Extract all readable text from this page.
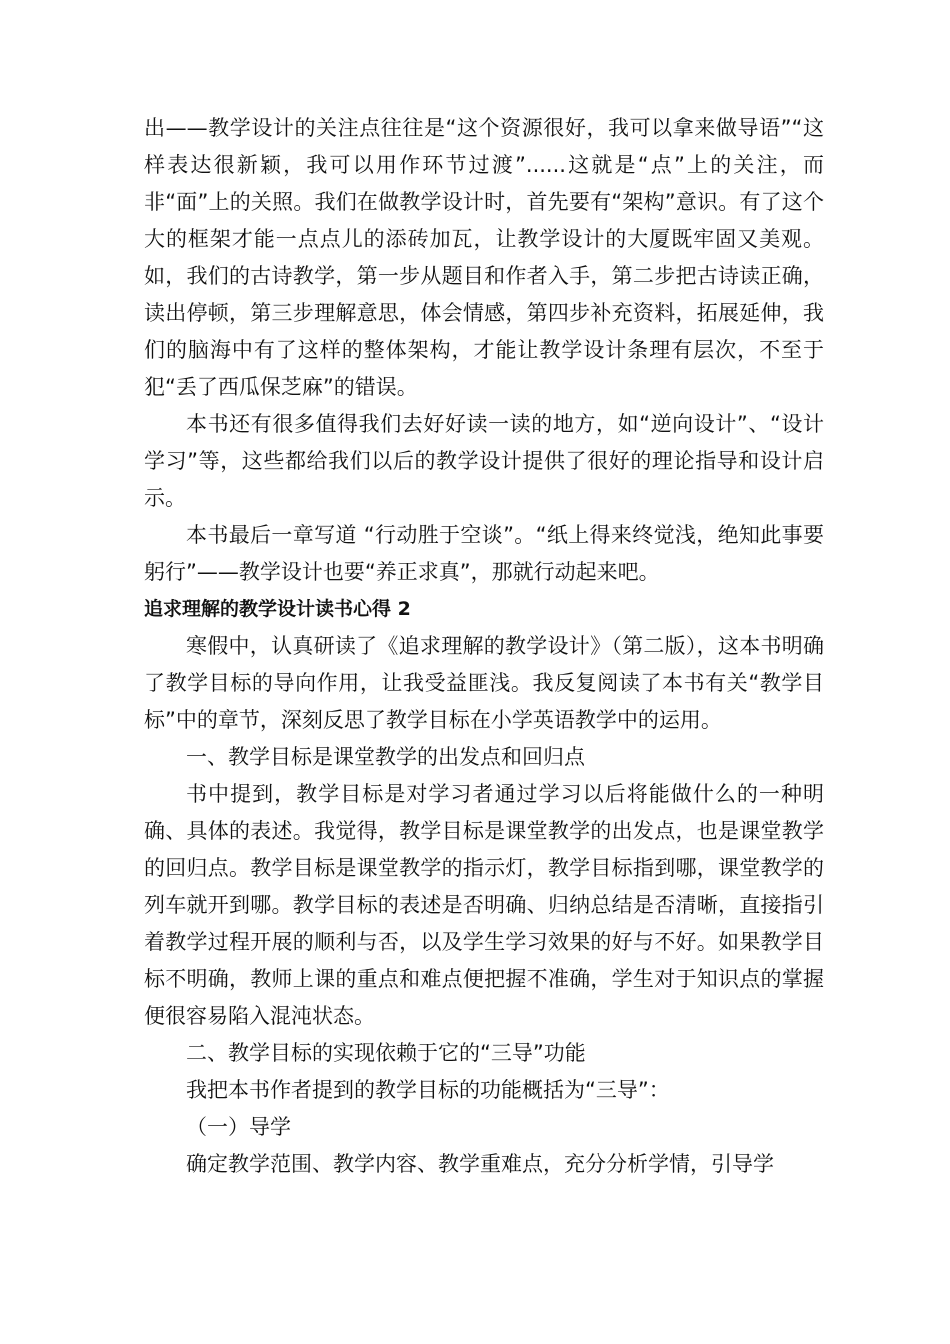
出——教学设计的关注点往往是“这个资源很好，我可以拿来做导语”“这样表达很新颖，我可以用作环节过渡”......这就是“点”上的关注，而非“面”上的关照。我们在做教学设计时，首先要有“架构”意识。有了这个大的框架才能一点点儿的添砖加瓦，让教学设计的大厦既牢固又美观。如，我们的古诗教学，第一步从题目和作者入手，第二步把古诗读正确，读出停顿，第三步理解意思，体会情感，第四步补充资料，拓展延伸，我们的脑海中有了这样的整体架构，才能让教学设计条理有层次，不至于犯“丢了西瓜保芝麻”的错误。

本书还有很多值得我们去好好读一读的地方，如“逆向设计”、“设计学习”等，这些都给我们以后的教学设计提供了很好的理论指导和设计启示。

本书最后一章写道 “行动胜于空谈”。“纸上得来终觉浅，绝知此事要躬行”——教学设计也要“养正求真”，那就行动起来吧。

追求理解的教学设计读书心得 2

寒假中，认真研读了《追求理解的教学设计》（第二版），这本书明确了教学目标的导向作用，让我受益匪浅。我反复阅读了本书有关“教学目标”中的章节，深刻反思了教学目标在小学英语教学中的运用。

一、教学目标是课堂教学的出发点和回归点

书中提到，教学目标是对学习者通过学习以后将能做什么的一种明确、具体的表述。我觉得，教学目标是课堂教学的出发点，也是课堂教学的回归点。教学目标是课堂教学的指示灯，教学目标指到哪，课堂教学的列车就开到哪。教学目标的表述是否明确、归纳总结是否清晰，直接指引着教学过程开展的顺利与否，以及学生学习效果的好与不好。如果教学目标不明确，教师上课的重点和难点便把握不准确，学生对于知识点的掌握便很容易陷入混沌状态。

二、教学目标的实现依赖于它的“三导”功能

我把本书作者提到的教学目标的功能概括为“三导”：

（一）导学

确定教学范围、教学内容、教学重难点，充分分析学情，引导学
